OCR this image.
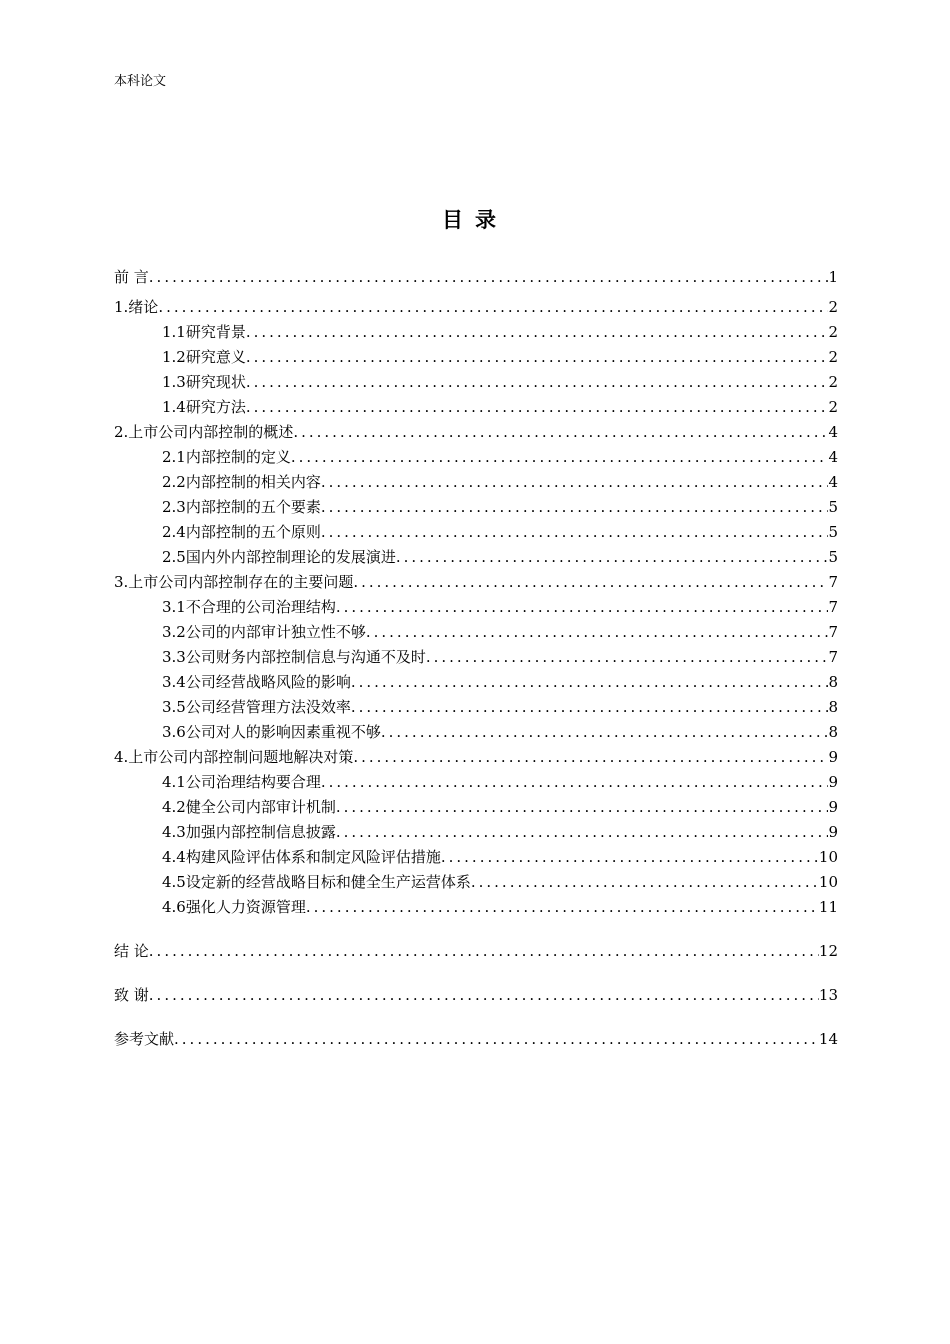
本科论文
目录
前 言 .....	1
1.绪论 .....	2
1.1研究背景 .....	2
1.2研究意义 .....	2
1.3研究现状 .....	2
1.4研究方法 .....	2
2.上市公司内部控制的概述 .....	4
2.1内部控制的定义 .....	4
2.2内部控制的相关内容 .....	4
2.3内部控制的五个要素 .....	5
2.4内部控制的五个原则 .....	5
2.5国内外内部控制理论的发展演进 .....	5
3.上市公司内部控制存在的主要问题 .....	7
3.1不合理的公司治理结构 .....	7
3.2公司的内部审计独立性不够 .....	7
3.3公司财务内部控制信息与沟通不及时 .....	7
3.4公司经营战略风险的影响 .....	8
3.5公司经营管理方法没效率 .....	8
3.6公司对人的影响因素重视不够 .....	8
4.上市公司内部控制问题地解决对策 .....	9
4.1公司治理结构要合理 .....	9
4.2健全公司内部审计机制 .....	9
4.3加强内部控制信息披露 .....	9
4.4构建风险评估体系和制定风险评估措施 .....	10
4.5设定新的经营战略目标和健全生产运营体系 .....	10
4.6强化人力资源管理 .....	11
结 论 .....	12
致 谢 .....	13
参考文献 .....	14
